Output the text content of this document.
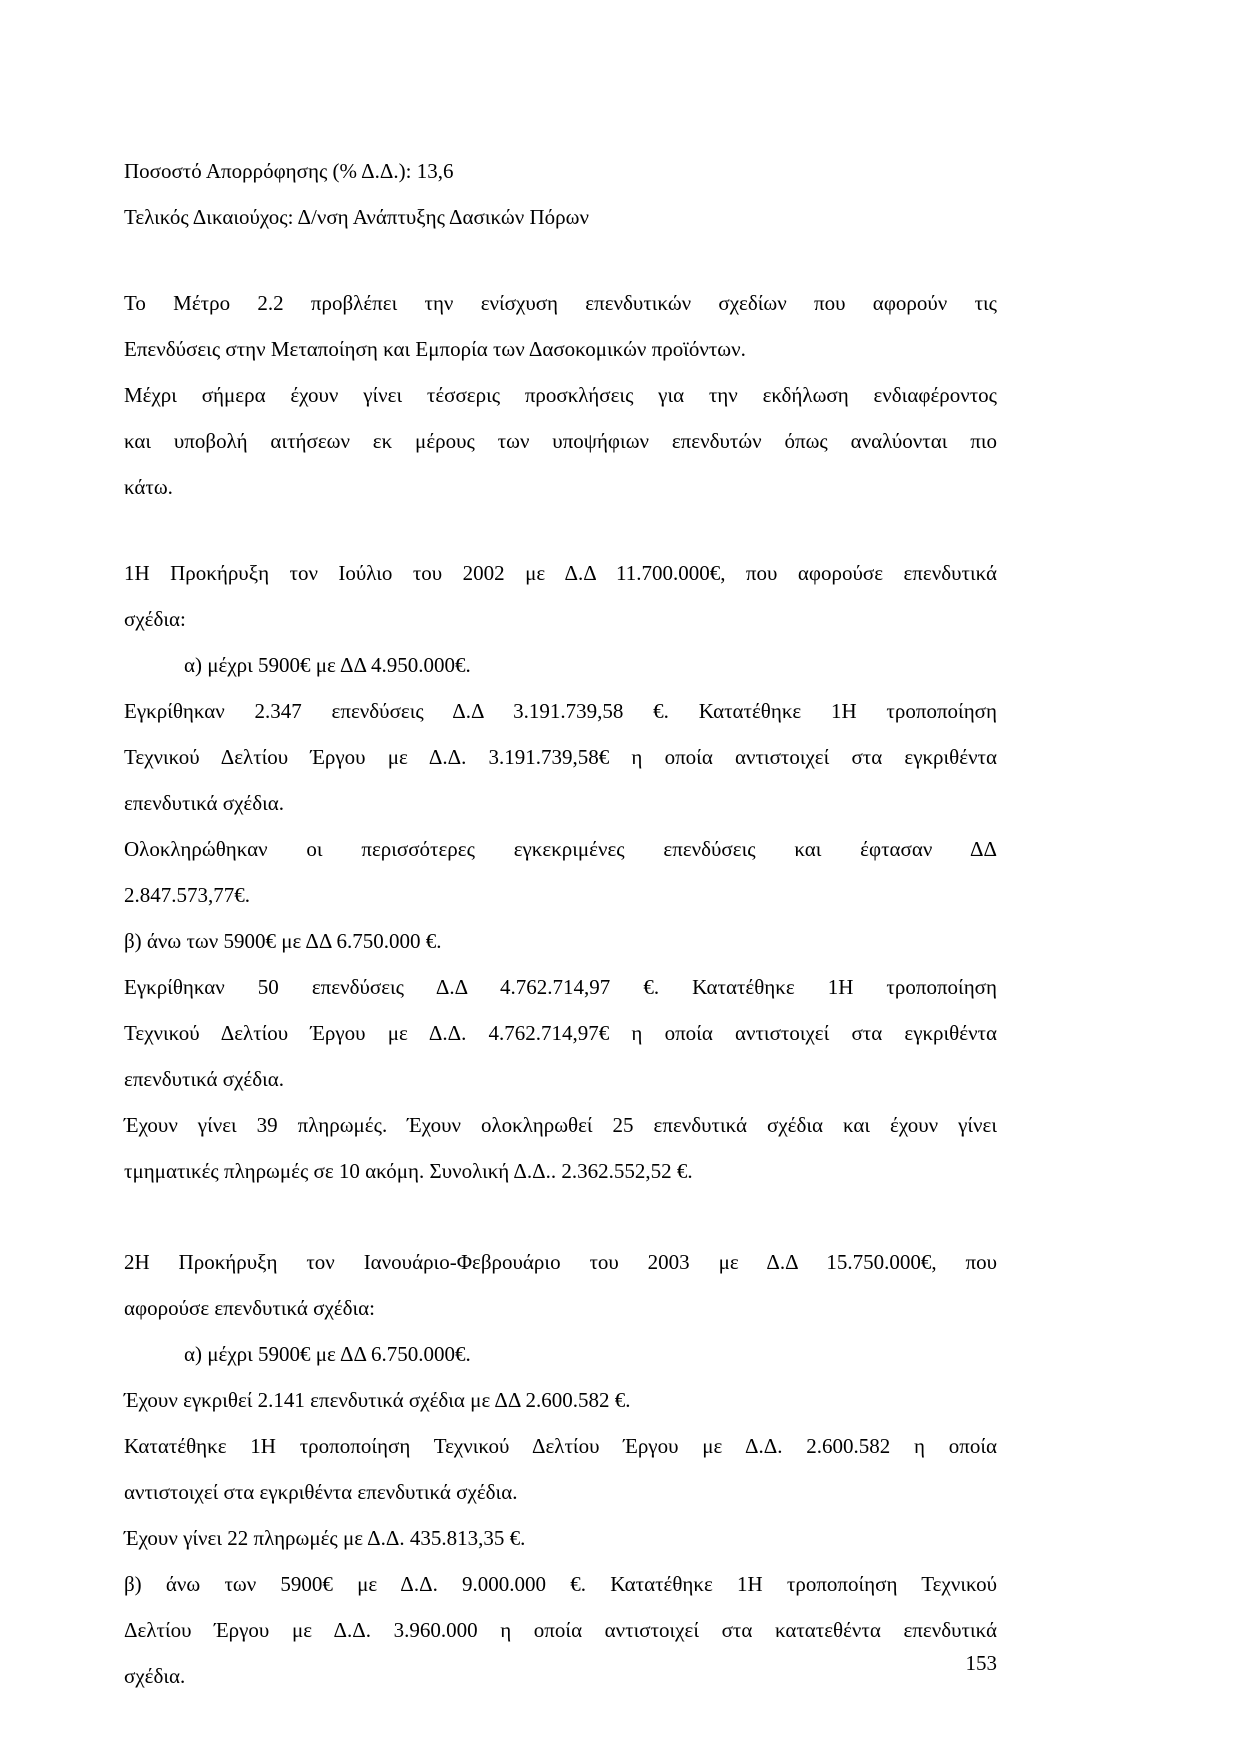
Ποσοστό Απορρόφησης (% Δ.Δ.): 13,6
Τελικός Δικαιούχος: Δ/νση Ανάπτυξης Δασικών Πόρων
Το Μέτρο 2.2 προβλέπει την ενίσχυση επενδυτικών σχεδίων που αφορούν τις
Επενδύσεις στην Μεταποίηση και Εμπορία των Δασοκομικών προϊόντων.
Μέχρι σήμερα έχουν γίνει τέσσερις προσκλήσεις για την εκδήλωση ενδιαφέροντος
και υποβολή αιτήσεων εκ μέρους των υποψήφιων επενδυτών όπως αναλύονται πιο
κάτω.
1Η Προκήρυξη τον Ιούλιο του 2002 με Δ.Δ 11.700.000€, που αφορούσε επενδυτικά
σχέδια:
α) μέχρι 5900€ με ΔΔ 4.950.000€.
Εγκρίθηκαν 2.347 επενδύσεις Δ.Δ 3.191.739,58 €. Κατατέθηκε 1Η τροποποίηση
Τεχνικού Δελτίου Έργου με Δ.Δ. 3.191.739,58€ η οποία αντιστοιχεί στα εγκριθέντα
επενδυτικά σχέδια.
Ολοκληρώθηκαν οι περισσότερες εγκεκριμένες επενδύσεις και έφτασαν ΔΔ
2.847.573,77€.
β) άνω των 5900€ με ΔΔ 6.750.000 €.
Εγκρίθηκαν 50 επενδύσεις Δ.Δ 4.762.714,97 €. Κατατέθηκε 1Η τροποποίηση
Τεχνικού Δελτίου Έργου με Δ.Δ. 4.762.714,97€ η οποία αντιστοιχεί στα εγκριθέντα
επενδυτικά σχέδια.
Έχουν γίνει 39 πληρωμές. Έχουν ολοκληρωθεί 25 επενδυτικά σχέδια και έχουν γίνει
τμηματικές πληρωμές σε 10 ακόμη. Συνολική Δ.Δ.. 2.362.552,52 €.
2Η Προκήρυξη τον Ιανουάριο-Φεβρουάριο του 2003 με Δ.Δ 15.750.000€, που
αφορούσε επενδυτικά σχέδια:
α) μέχρι 5900€ με ΔΔ 6.750.000€.
Έχουν εγκριθεί 2.141 επενδυτικά σχέδια με ΔΔ 2.600.582 €.
Κατατέθηκε 1Η τροποποίηση Τεχνικού Δελτίου Έργου με Δ.Δ. 2.600.582 η οποία
αντιστοιχεί στα εγκριθέντα επενδυτικά σχέδια.
Έχουν γίνει 22 πληρωμές με Δ.Δ. 435.813,35 €.
β) άνω των 5900€ με Δ.Δ. 9.000.000 €. Κατατέθηκε 1Η τροποποίηση Τεχνικού
Δελτίου Έργου με Δ.Δ. 3.960.000 η οποία αντιστοιχεί στα κατατεθέντα επενδυτικά
σχέδια.
153
